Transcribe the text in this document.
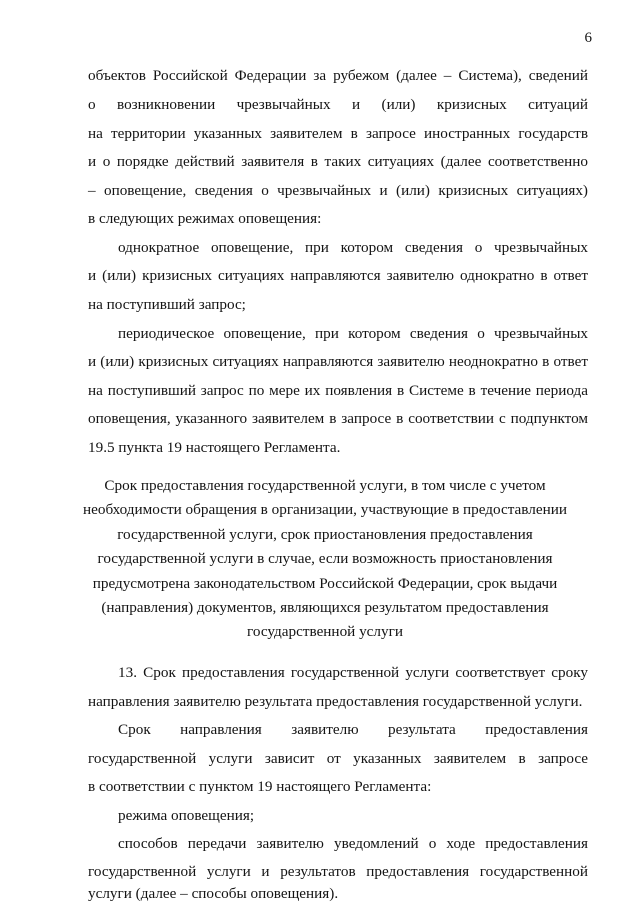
6
объектов Российской Федерации за рубежом (далее – Система), сведений
о возникновении чрезвычайных и (или) кризисных ситуаций
на территории указанных заявителем в запросе иностранных государств
и о порядке действий заявителя в таких ситуациях (далее соответственно
– оповещение, сведения о чрезвычайных и (или) кризисных ситуациях)
в следующих режимах оповещения:
однократное оповещение, при котором сведения о чрезвычайных
и (или) кризисных ситуациях направляются заявителю однократно в ответ
на поступивший запрос;
периодическое оповещение, при котором сведения о чрезвычайных
и (или) кризисных ситуациях направляются заявителю неоднократно в ответ
на поступивший запрос по мере их появления в Системе в течение периода
оповещения, указанного заявителем в запросе в соответствии с подпунктом
19.5 пункта 19 настоящего Регламента.
Срок предоставления государственной услуги, в том числе с учетом
необходимости обращения в организации, участвующие в предоставлении
государственной услуги, срок приостановления предоставления
государственной услуги в случае, если возможность приостановления
предусмотрена законодательством Российской Федерации, срок выдачи
(направления) документов, являющихся результатом предоставления
государственной услуги
13. Срок предоставления государственной услуги соответствует сроку
направления заявителю результата предоставления государственной услуги.
Срок направления заявителю результата предоставления
государственной услуги зависит от указанных заявителем в запросе
в соответствии с пунктом 19 настоящего Регламента:
режима оповещения;
способов передачи заявителю уведомлений о ходе предоставления
государственной услуги и результатов предоставления государственной
услуги (далее – способы оповещения).
